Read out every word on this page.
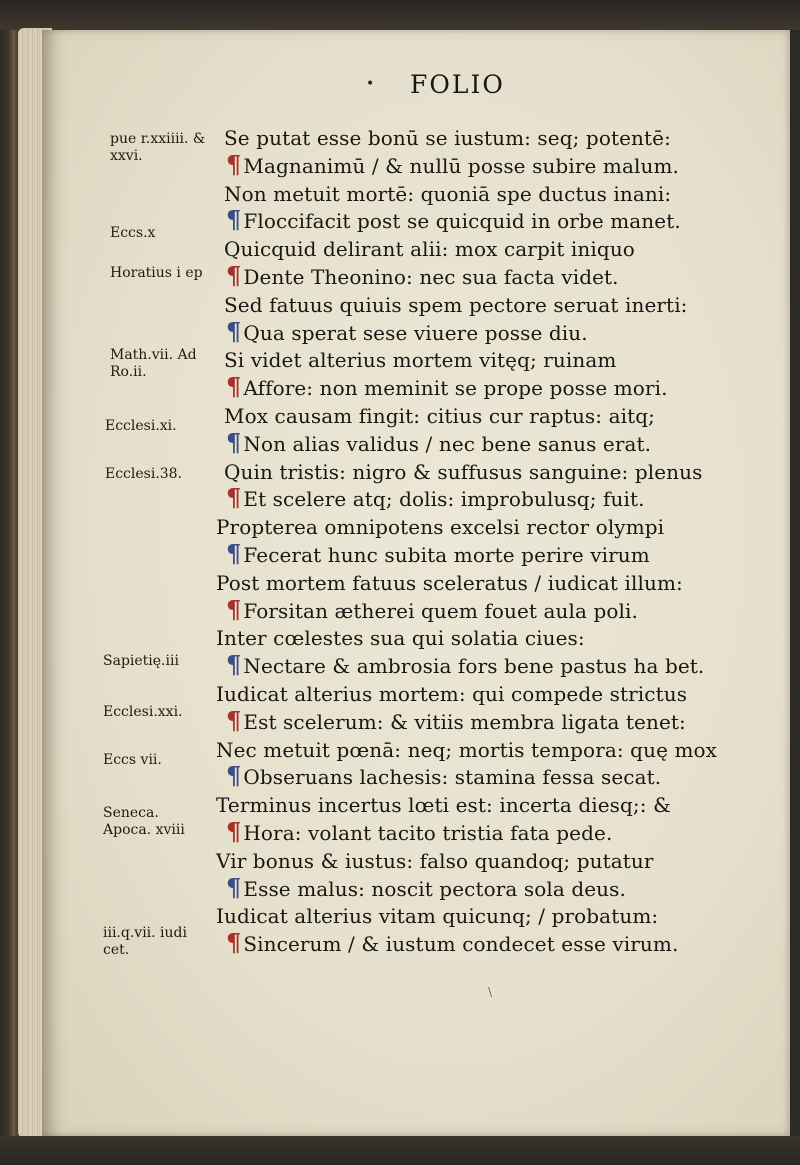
• FOLIO
pue r.xxiiii. & xxvi.
Eccs.x
Horatius i ep
Math.vii. Ad Ro.ii.
Ecclesi.xi.
Ecclesi.38.
Sapietię.iii
Ecclesi.xxi.
Eccs vii.
Seneca. Apoca. xviii
iii.q.vii. iudi cet.
Se putat esse bonū se iustum: seq; potentē:
¶ Magnanimū / & nullū posse subire malum.
Non metuit mortē: quoniā spe ductus inani:
¶ Floccifacit post se quicquid in orbe manet.
Quicquid delirant alii: mox carpit iniquo
¶ Dente Theonino: nec sua facta videt.
Sed fatuus quiuis spem pectore seruat inerti:
¶ Qua sperat sese viuere posse diu.
Si videt alterius mortem vitęq; ruinam
¶ Affore: non meminit se prope posse mori.
Mox causam fingit: citius cur raptus: aitq;
¶ Non alias validus / nec bene sanus erat.
Quin tristis: nigro & suffusus sanguine: plenus
¶ Et scelere atq; dolis: improbulusq; fuit.
Propterea omnipotens excelsi rector olympi
¶ Fecerat hunc subita morte perire virum
Post mortem fatuus sceleratus / iudicat illum:
¶ Forsitan ætherei quem fouet aula poli.
Inter cœlestes sua qui solatia ciues:
¶ Nectare & ambrosia fors bene pastus ha bet.
Iudicat alterius mortem: qui compede strictus
¶ Est scelerum: & vitiis membra ligata tenet:
Nec metuit pœnā: neq; mortis tempora: quę mox
¶ Obseruans lachesis: stamina fessa secat.
Terminus incertus lœti est: incerta diesq;: &
¶ Hora: volant tacito tristia fata pede.
Vir bonus & iustus: falso quandoq; putatur
¶ Esse malus: noscit pectora sola deus.
Iudicat alterius vitam quicunq; / probatum:
¶ Sincerum / & iustum condecet esse virum.
\
